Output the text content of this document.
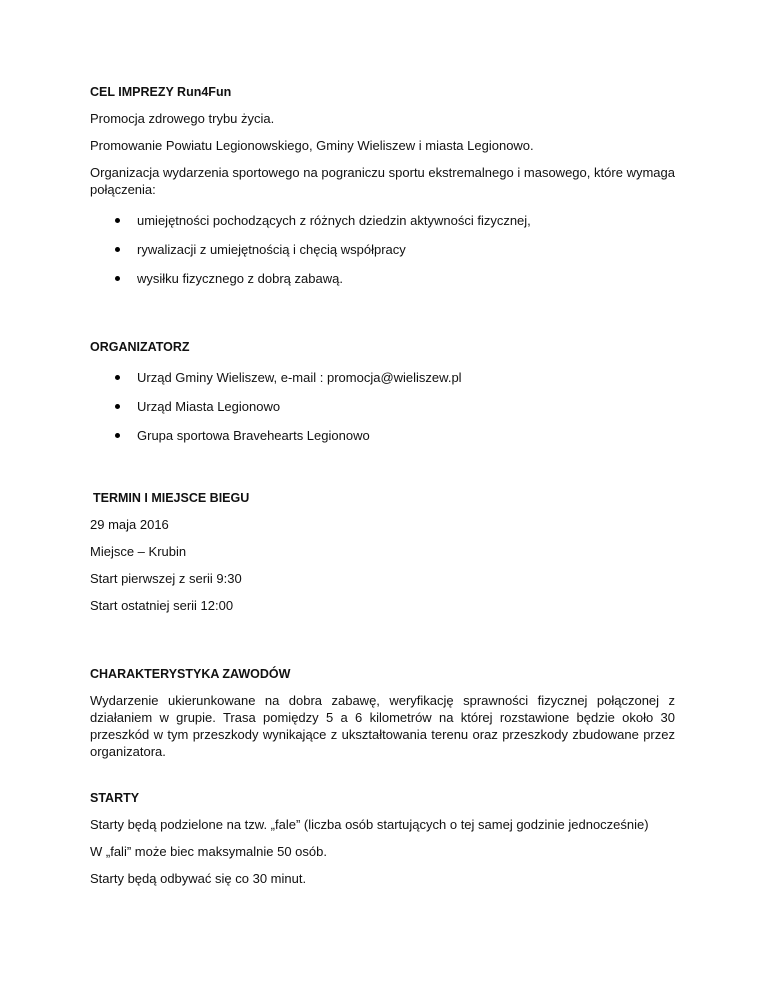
CEL IMPREZY Run4Fun
Promocja zdrowego trybu życia.
Promowanie Powiatu Legionowskiego, Gminy Wieliszew i miasta Legionowo.
Organizacja wydarzenia sportowego na pograniczu sportu ekstremalnego i masowego, które wymaga połączenia:
umiejętności pochodzących z różnych dziedzin aktywności fizycznej,
rywalizacji z umiejętnością i chęcią współpracy
wysiłku fizycznego z dobrą zabawą.
ORGANIZATORZ
Urząd Gminy Wieliszew, e-mail : promocja@wieliszew.pl
Urząd Miasta Legionowo
Grupa sportowa Bravehearts Legionowo
TERMIN I MIEJSCE BIEGU
29 maja 2016
Miejsce – Krubin
Start pierwszej z serii 9:30
Start ostatniej serii 12:00
CHARAKTERYSTYKA ZAWODÓW
Wydarzenie ukierunkowane na dobra zabawę, weryfikację sprawności fizycznej połączonej z działaniem w grupie. Trasa pomiędzy 5 a 6 kilometrów na której rozstawione będzie około 30 przeszkód w tym przeszkody wynikające z ukształtowania terenu oraz przeszkody zbudowane przez organizatora.
STARTY
Starty będą podzielone na tzw. „fale” (liczba osób startujących o tej samej godzinie jednocześnie)
W „fali” może biec maksymalnie 50 osób.
Starty będą odbywać się co 30 minut.
